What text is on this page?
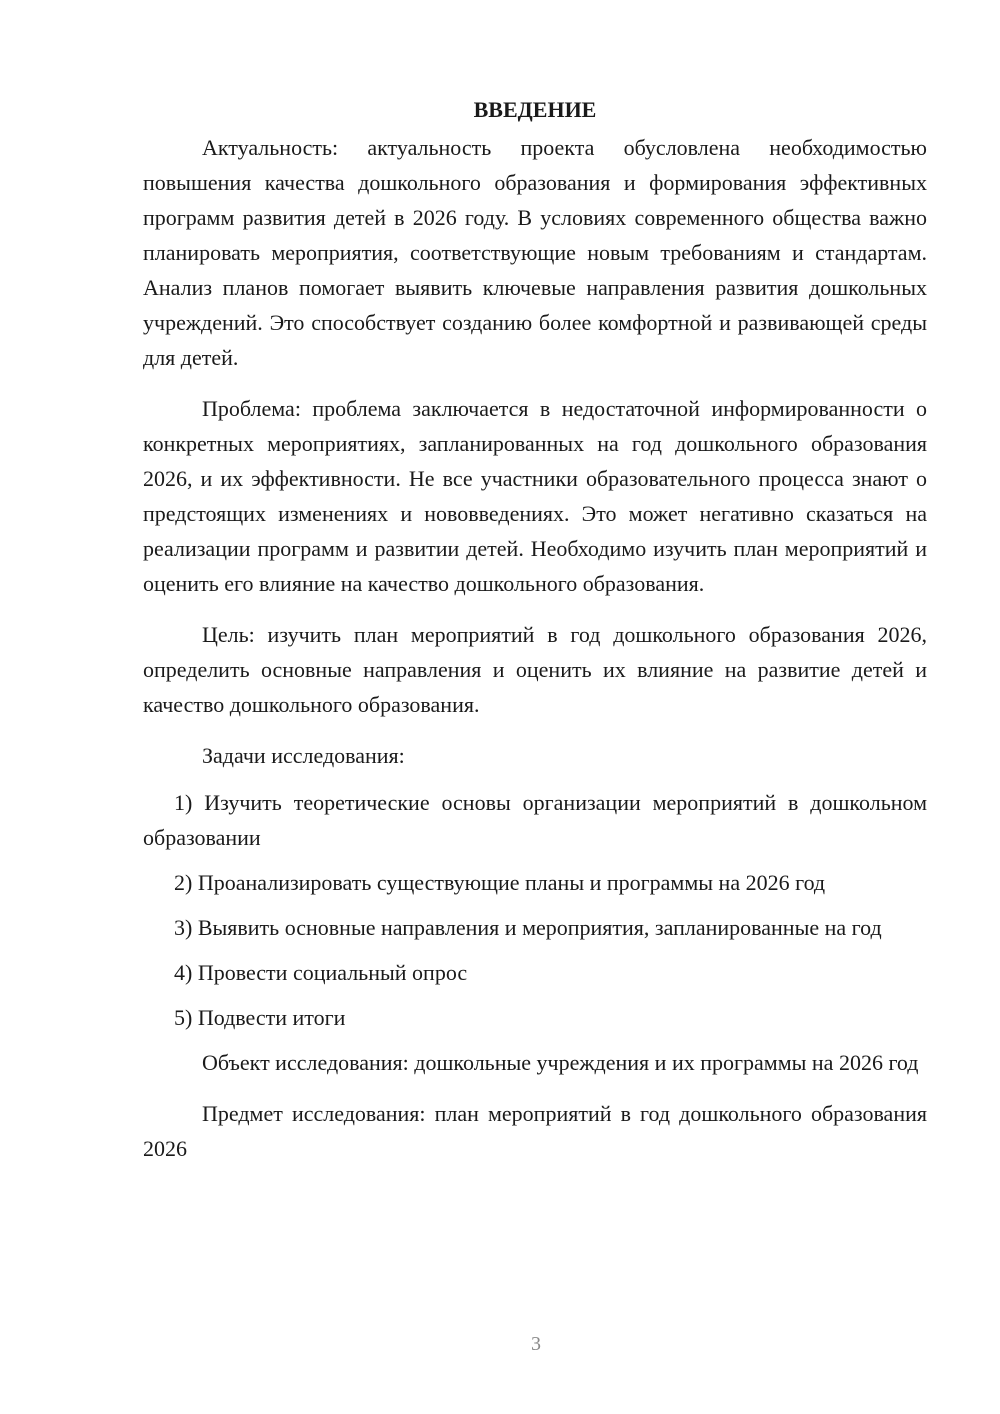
ВВЕДЕНИЕ

Актуальность: актуальность проекта обусловлена необходимостью повышения качества дошкольного образования и формирования эффективных программ развития детей в 2026 году. В условиях современного общества важно планировать мероприятия, соответствующие новым требованиям и стандартам. Анализ планов помогает выявить ключевые направления развития дошкольных учреждений. Это способствует созданию более комфортной и развивающей среды для детей.

Проблема: проблема заключается в недостаточной информированности о конкретных мероприятиях, запланированных на год дошкольного образования 2026, и их эффективности. Не все участники образовательного процесса знают о предстоящих изменениях и нововведениях. Это может негативно сказаться на реализации программ и развитии детей. Необходимо изучить план мероприятий и оценить его влияние на качество дошкольного образования.

Цель: изучить план мероприятий в год дошкольного образования 2026, определить основные направления и оценить их влияние на развитие детей и качество дошкольного образования.

Задачи исследования:

1) Изучить теоретические основы организации мероприятий в дошкольном образовании

2) Проанализировать существующие планы и программы на 2026 год

3) Выявить основные направления и мероприятия, запланированные на год

4) Провести социальный опрос

5) Подвести итоги

Объект исследования: дошкольные учреждения и их программы на 2026 год

Предмет исследования: план мероприятий в год дошкольного образования 2026

3
